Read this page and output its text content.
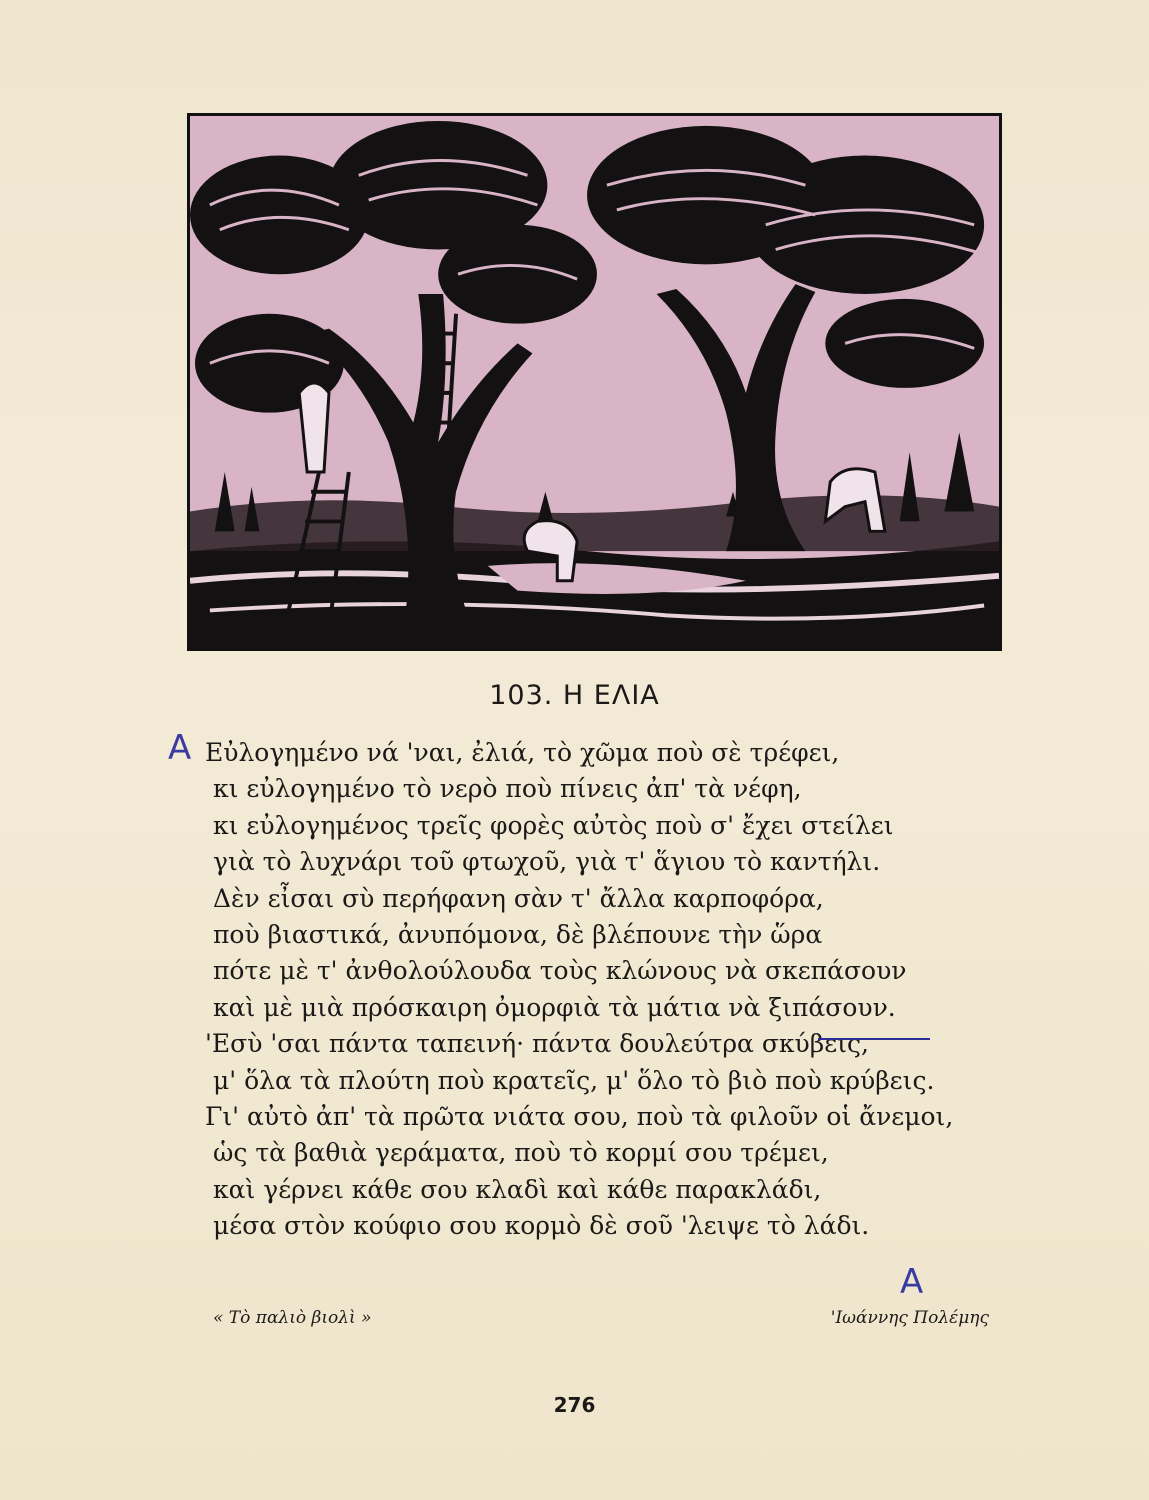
103. Η ΕΛΙΑ
A Εὐλογημένο νά 'ναι, ἐλιά, τὸ χῶμα ποὺ σὲ τρέφει,
κι εὐλογημένο τὸ νερὸ ποὺ πίνεις ἀπ' τὰ νέφη,
κι εὐλογημένος τρεῖς φορὲς αὐτὸς ποὺ σ' ἔχει στείλει
γιὰ τὸ λυχνάρι τοῦ φτωχοῦ, γιὰ τ' ἅγιου τὸ καντήλι.
Δὲν εἶσαι σὺ περήφανη σὰν τ' ἄλλα καρποφόρα,
ποὺ βιαστικά, ἀνυπόμονα, δὲ βλέπουνε τὴν ὥρα
πότε μὲ τ' ἀνθολούλουδα τοὺς κλώνους νὰ σκεπάσουν
καὶ μὲ μιὰ πρόσκαιρη ὀμορφιὰ τὰ μάτια νὰ ξιπάσουν.
'Εσὺ 'σαι πάντα ταπεινή· πάντα δουλεύτρα σκύβεις,
μ' ὅλα τὰ πλούτη ποὺ κρατεῖς, μ' ὅλο τὸ βιὸ ποὺ κρύβεις.
Γι' αὐτὸ ἀπ' τὰ πρῶτα νιάτα σου, ποὺ τὰ φιλοῦν οἱ ἄνεμοι,
ὡς τὰ βαθιὰ γεράματα, ποὺ τὸ κορμί σου τρέμει,
καὶ γέρνει κάθε σου κλαδὶ καὶ κάθε παρακλάδι,
μέσα στὸν κούφιο σου κορμὸ δὲ σοῦ 'λειψε τὸ λάδι.
A
« Τὸ παλιὸ βιολὶ »	'Ιωάννης Πολέμης
276
